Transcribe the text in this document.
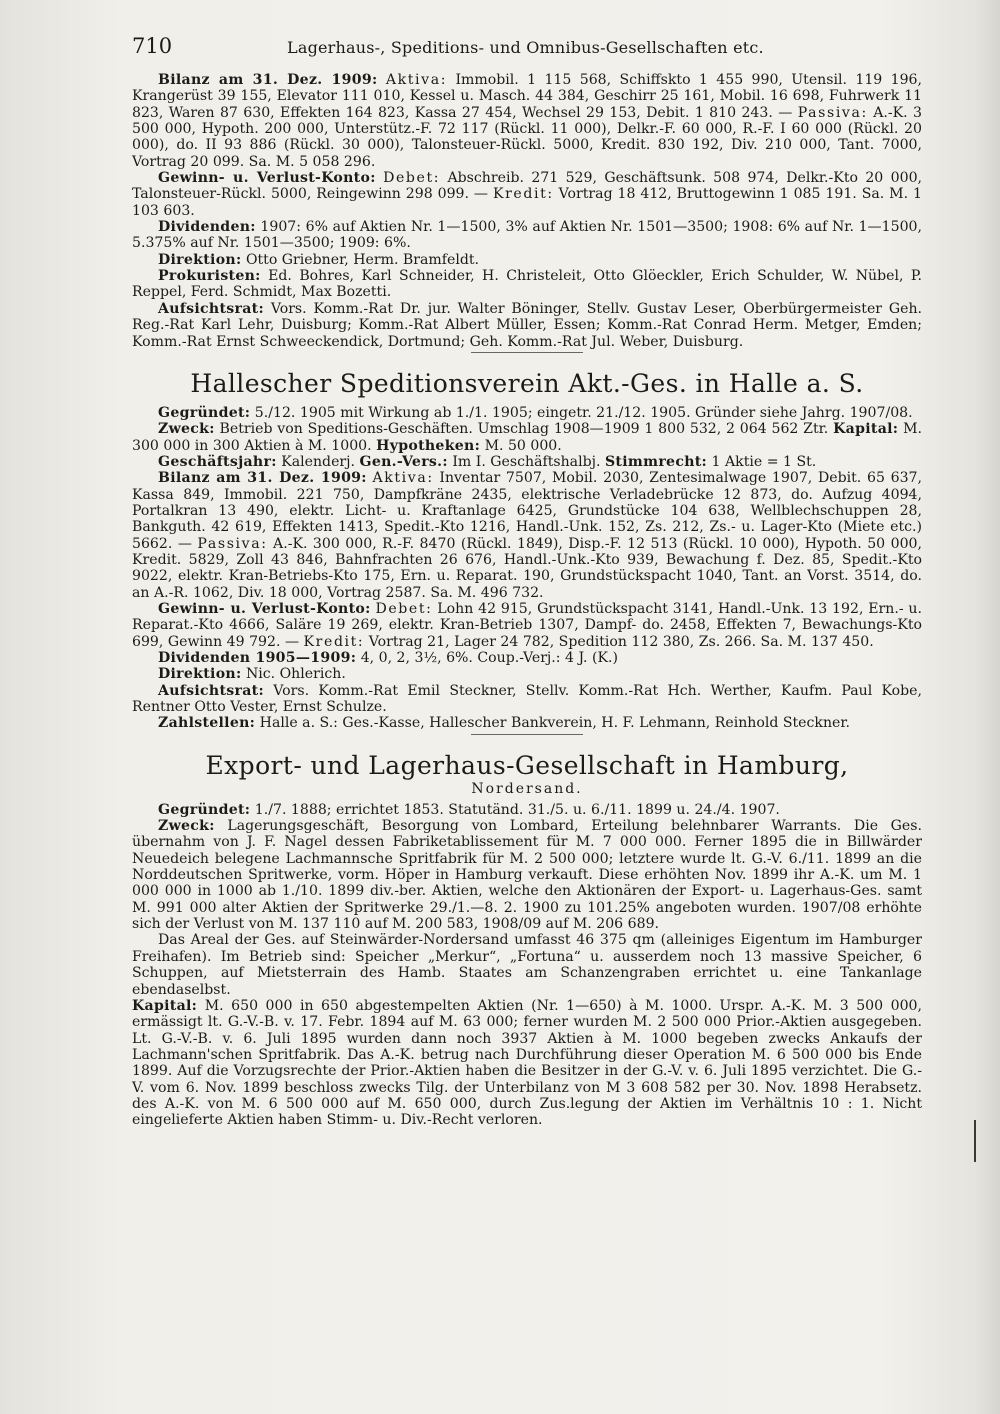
710	Lagerhaus-, Speditions- und Omnibus-Gesellschaften etc.

Bilanz am 31. Dez. 1909: Aktiva: Immobil. 1 115 568, Schiffskto 1 455 990, Utensil. 119 196, Krangerüst 39 155, Elevator 111 010, Kessel u. Masch. 44 384, Geschirr 25 161, Mobil. 16 698, Fuhrwerk 11 823, Waren 87 630, Effekten 164 823, Kassa 27 454, Wechsel 29 153, Debit. 1 810 243. — Passiva: A.-K. 3 500 000, Hypoth. 200 000, Unterstütz.-F. 72 117 (Rückl. 11 000), Delkr.-F. 60 000, R.-F. I 60 000 (Rückl. 20 000), do. II 93 886 (Rückl. 30 000), Talonsteuer-Rückl. 5000, Kredit. 830 192, Div. 210 000, Tant. 7000, Vortrag 20 099. Sa. M. 5 058 296.

Gewinn- u. Verlust-Konto: Debet: Abschreib. 271 529, Geschäftsunk. 508 974, Delkr.-Kto 20 000, Talonsteuer-Rückl. 5000, Reingewinn 298 099. — Kredit: Vortrag 18 412, Bruttogewinn 1 085 191. Sa. M. 1 103 603.

Dividenden: 1907: 6% auf Aktien Nr. 1—1500, 3% auf Aktien Nr. 1501—3500; 1908: 6% auf Nr. 1—1500, 5.375% auf Nr. 1501—3500; 1909: 6%.

Direktion: Otto Griebner, Herm. Bramfeldt.

Prokuristen: Ed. Bohres, Karl Schneider, H. Christeleit, Otto Glöeckler, Erich Schulder, W. Nübel, P. Reppel, Ferd. Schmidt, Max Bozetti.

Aufsichtsrat: Vors. Komm.-Rat Dr. jur. Walter Böninger, Stellv. Gustav Leser, Oberbürgermeister Geh. Reg.-Rat Karl Lehr, Duisburg; Komm.-Rat Albert Müller, Essen; Komm.-Rat Conrad Herm. Metger, Emden; Komm.-Rat Ernst Schweeckendick, Dortmund; Geh. Komm.-Rat Jul. Weber, Duisburg.

Hallescher Speditionsverein Akt.-Ges. in Halle a. S.

Gegründet: 5./12. 1905 mit Wirkung ab 1./1. 1905; eingetr. 21./12. 1905. Gründer siehe Jahrg. 1907/08.

Zweck: Betrieb von Speditions-Geschäften. Umschlag 1908—1909 1 800 532, 2 064 562 Ztr. Kapital: M. 300 000 in 300 Aktien à M. 1000. Hypotheken: M. 50 000.

Geschäftsjahr: Kalenderj. Gen.-Vers.: Im I. Geschäftshalbj. Stimmrecht: 1 Aktie = 1 St.

Bilanz am 31. Dez. 1909: Aktiva: Inventar 7507, Mobil. 2030, Zentesimalwage 1907, Debit. 65 637, Kassa 849, Immobil. 221 750, Dampfkräne 2435, elektrische Verladebrücke 12 873, do. Aufzug 4094, Portalkran 13 490, elektr. Licht- u. Kraftanlage 6425, Grundstücke 104 638, Wellblechschuppen 28, Bankguth. 42 619, Effekten 1413, Spedit.-Kto 1216, Handl.-Unk. 152, Zs. 212, Zs.- u. Lager-Kto (Miete etc.) 5662. — Passiva: A.-K. 300 000, R.-F. 8470 (Rückl. 1849), Disp.-F. 12 513 (Rückl. 10 000), Hypoth. 50 000, Kredit. 5829, Zoll 43 846, Bahnfrachten 26 676, Handl.-Unk.-Kto 939, Bewachung f. Dez. 85, Spedit.-Kto 9022, elektr. Kran-Betriebs-Kto 175, Ern. u. Reparat. 190, Grundstückspacht 1040, Tant. an Vorst. 3514, do. an A.-R. 1062, Div. 18 000, Vortrag 2587. Sa. M. 496 732.

Gewinn- u. Verlust-Konto: Debet: Lohn 42 915, Grundstückspacht 3141, Handl.-Unk. 13 192, Ern.- u. Reparat.-Kto 4666, Saläre 19 269, elektr. Kran-Betrieb 1307, Dampf- do. 2458, Effekten 7, Bewachungs-Kto 699, Gewinn 49 792. — Kredit: Vortrag 21, Lager 24 782, Spedition 112 380, Zs. 266. Sa. M. 137 450.

Dividenden 1905—1909: 4, 0, 2, 3½, 6%. Coup.-Verj.: 4 J. (K.)

Direktion: Nic. Ohlerich.

Aufsichtsrat: Vors. Komm.-Rat Emil Steckner, Stellv. Komm.-Rat Hch. Werther, Kaufm. Paul Kobe, Rentner Otto Vester, Ernst Schulze.

Zahlstellen: Halle a. S.: Ges.-Kasse, Hallescher Bankverein, H. F. Lehmann, Reinhold Steckner.

Export- und Lagerhaus-Gesellschaft in Hamburg,
Nordersand.

Gegründet: 1./7. 1888; errichtet 1853. Statutänd. 31./5. u. 6./11. 1899 u. 24./4. 1907.

Zweck: Lagerungsgeschäft, Besorgung von Lombard, Erteilung belehnbarer Warrants. Die Ges. übernahm von J. F. Nagel dessen Fabriketablissement für M. 7 000 000. Ferner 1895 die in Billwärder Neuedeich belegene Lachmannsche Spritfabrik für M. 2 500 000; letztere wurde lt. G.-V. 6./11. 1899 an die Norddeutschen Spritwerke, vorm. Höper in Hamburg verkauft. Diese erhöhten Nov. 1899 ihr A.-K. um M. 1 000 000 in 1000 ab 1./10. 1899 div.-ber. Aktien, welche den Aktionären der Export- u. Lagerhaus-Ges. samt M. 991 000 alter Aktien der Spritwerke 29./1.—8. 2. 1900 zu 101.25% angeboten wurden. 1907/08 erhöhte sich der Verlust von M. 137 110 auf M. 200 583, 1908/09 auf M. 206 689.

Das Areal der Ges. auf Steinwärder-Nordersand umfasst 46 375 qm (alleiniges Eigentum im Hamburger Freihafen). Im Betrieb sind: Speicher „Merkur“, „Fortuna“ u. ausserdem noch 13 massive Speicher, 6 Schuppen, auf Mietsterrain des Hamb. Staates am Schanzengraben errichtet u. eine Tankanlage ebendaselbst.

Kapital: M. 650 000 in 650 abgestempelten Aktien (Nr. 1—650) à M. 1000. Urspr. A.-K. M. 3 500 000, ermässigt lt. G.-V.-B. v. 17. Febr. 1894 auf M. 63 000; ferner wurden M. 2 500 000 Prior.-Aktien ausgegeben. Lt. G.-V.-B. v. 6. Juli 1895 wurden dann noch 3937 Aktien à M. 1000 begeben zwecks Ankaufs der Lachmann'schen Spritfabrik. Das A.-K. betrug nach Durchführung dieser Operation M. 6 500 000 bis Ende 1899. Auf die Vorzugsrechte der Prior.-Aktien haben die Besitzer in der G.-V. v. 6. Juli 1895 verzichtet. Die G.-V. vom 6. Nov. 1899 beschloss zwecks Tilg. der Unterbilanz von M 3 608 582 per 30. Nov. 1898 Herabsetz. des A.-K. von M. 6 500 000 auf M. 650 000, durch Zus.legung der Aktien im Verhältnis 10 : 1. Nicht eingelieferte Aktien haben Stimm- u. Div.-Recht verloren.
